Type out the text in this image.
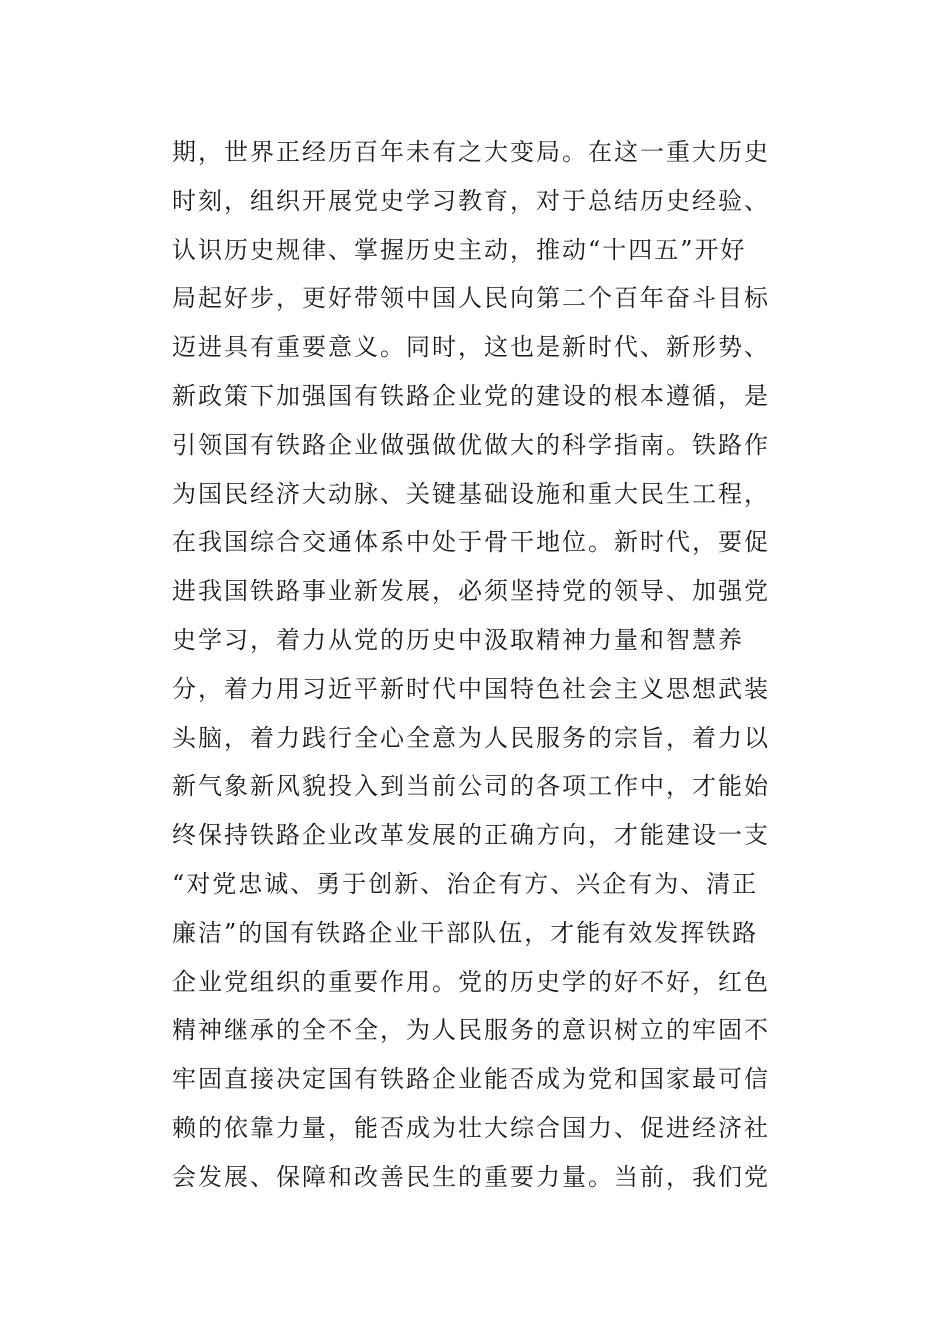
期，世界正经历百年未有之大变局。在这一重大历史
时刻，组织开展党史学习教育，对于总结历史经验、
认识历史规律、掌握历史主动，推动“十四五”开好
局起好步，更好带领中国人民向第二个百年奋斗目标
迈进具有重要意义。同时，这也是新时代、新形势、
新政策下加强国有铁路企业党的建设的根本遵循，是
引领国有铁路企业做强做优做大的科学指南。铁路作
为国民经济大动脉、关键基础设施和重大民生工程，
在我国综合交通体系中处于骨干地位。新时代，要促
进我国铁路事业新发展，必须坚持党的领导、加强党
史学习，着力从党的历史中汲取精神力量和智慧养
分，着力用习近平新时代中国特色社会主义思想武装
头脑，着力践行全心全意为人民服务的宗旨，着力以
新气象新风貌投入到当前公司的各项工作中，才能始
终保持铁路企业改革发展的正确方向，才能建设一支
“对党忠诚、勇于创新、治企有方、兴企有为、清正
廉洁”的国有铁路企业干部队伍，才能有效发挥铁路
企业党组织的重要作用。党的历史学的好不好，红色
精神继承的全不全，为人民服务的意识树立的牢固不
牢固直接决定国有铁路企业能否成为党和国家最可信
赖的依靠力量，能否成为壮大综合国力、促进经济社
会发展、保障和改善民生的重要力量。当前，我们党
